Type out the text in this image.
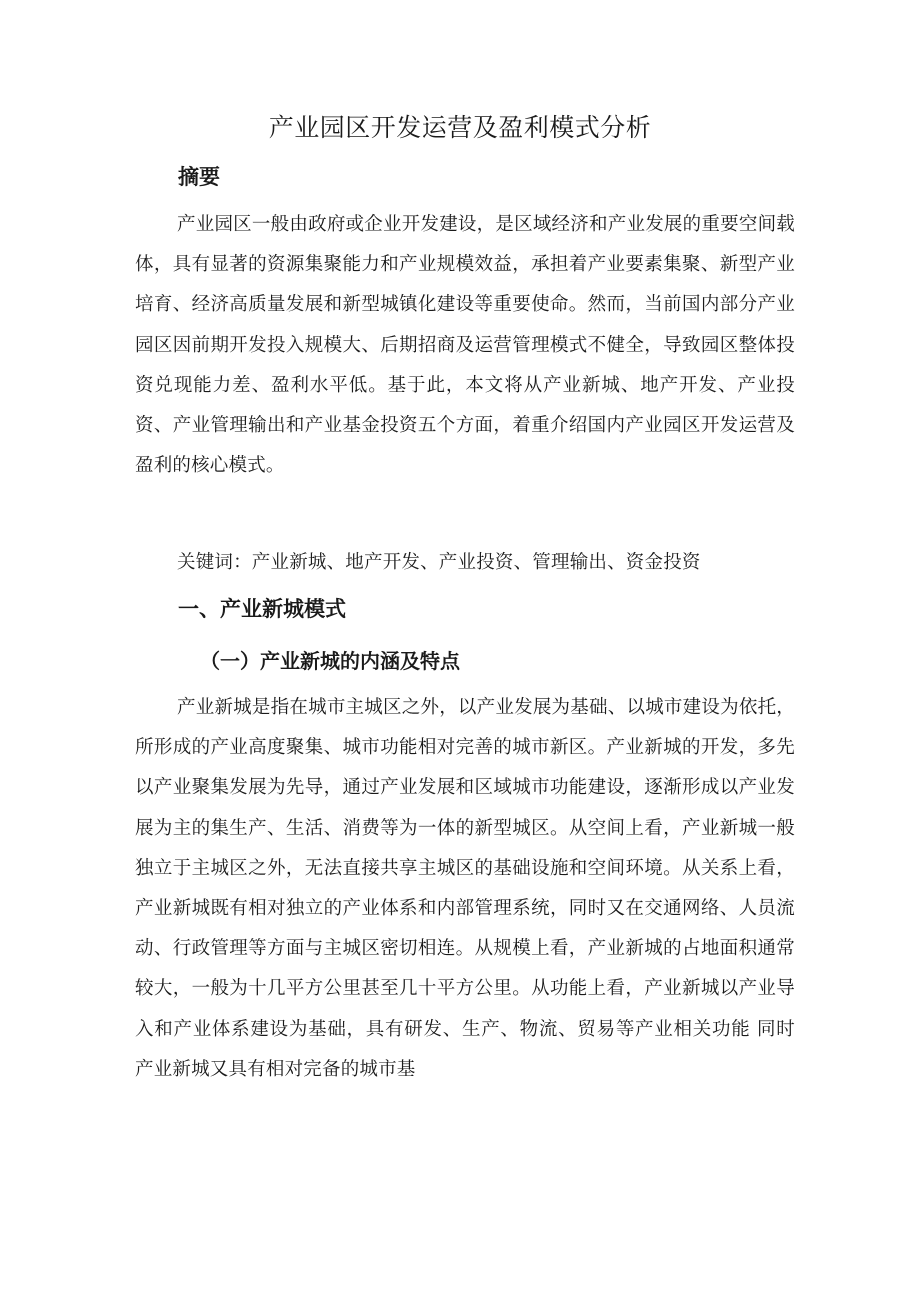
产业园区开发运营及盈利模式分析
摘要

产业园区一般由政府或企业开发建设，是区域经济和产业发展的重要空间载体，具有显著的资源集聚能力和产业规模效益，承担着产业要素集聚、新型产业培育、经济高质量发展和新型城镇化建设等重要使命。然而，当前国内部分产业园区因前期开发投入规模大、后期招商及运营管理模式不健全，导致园区整体投资兑现能力差、盈利水平低。基于此，本文将从产业新城、地产开发、产业投资、产业管理输出和产业基金投资五个方面，着重介绍国内产业园区开发运营及盈利的核心模式。

关键词：产业新城、地产开发、产业投资、管理输出、资金投资

一、产业新城模式
（一）产业新城的内涵及特点

产业新城是指在城市主城区之外，以产业发展为基础、以城市建设为依托，所形成的产业高度聚集、城市功能相对完善的城市新区。产业新城的开发，多先以产业聚集发展为先导，通过产业发展和区域城市功能建设，逐渐形成以产业发展为主的集生产、生活、消费等为一体的新型城区。从空间上看，产业新城一般独立于主城区之外，无法直接共享主城区的基础设施和空间环境。从关系上看，产业新城既有相对独立的产业体系和内部管理系统，同时又在交通网络、人员流动、行政管理等方面与主城区密切相连。从规模上看，产业新城的占地面积通常较大，一般为十几平方公里甚至几十平方公里。从功能上看，产业新城以产业导入和产业体系建设为基础，具有研发、生产、物流、贸易等产业相关功能 同时产业新城又具有相对完备的城市基
